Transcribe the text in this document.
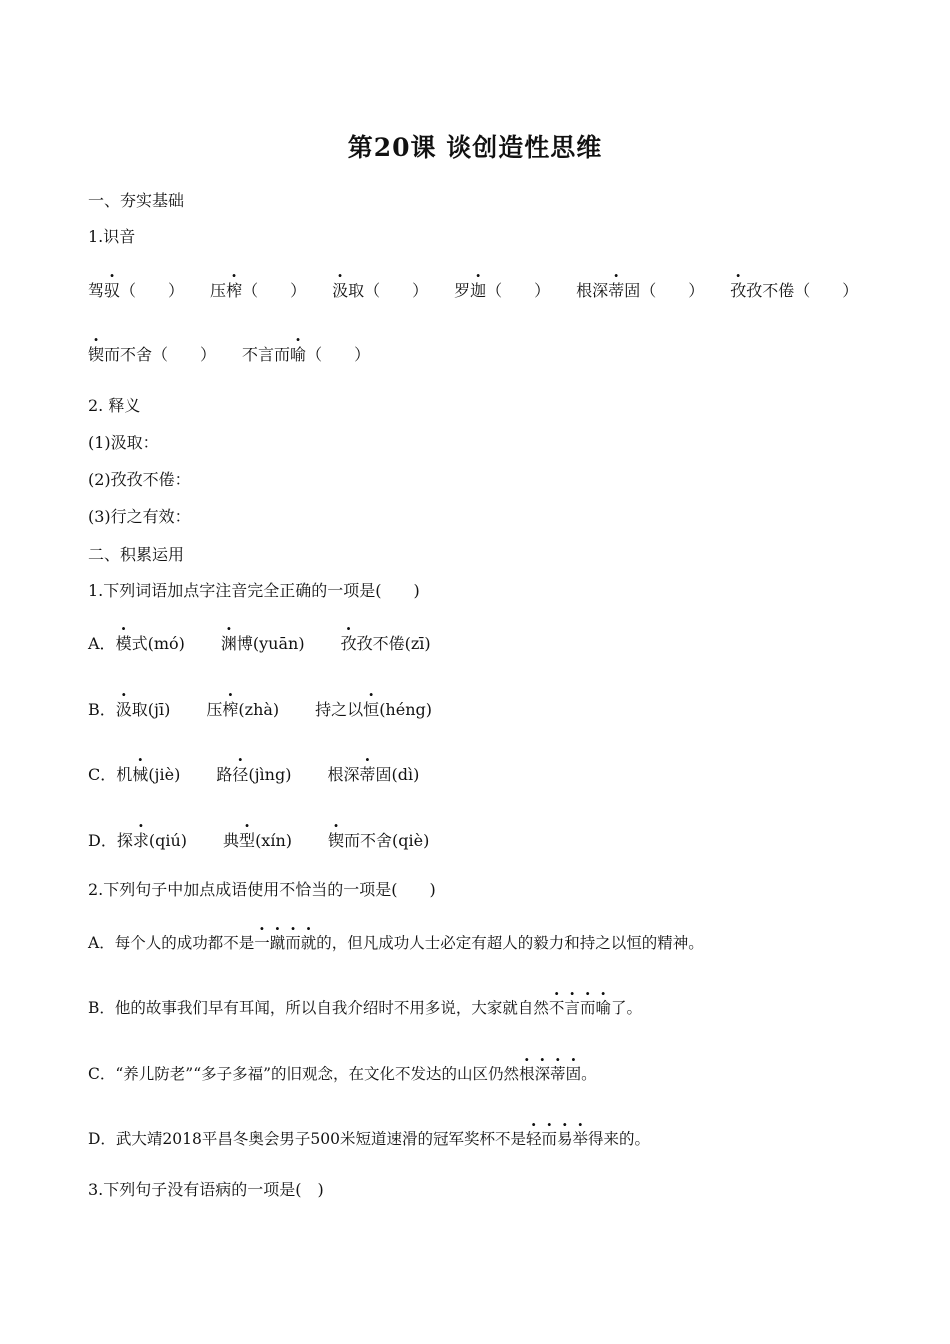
第20课 谈创造性思维
一、夯实基础
1.识音
驾驭（　　） 压榨（　　） 汲取（　　） 罗迦（　　） 根深蒂固（　　） 孜孜不倦（　　）
锲而不舍（　　） 不言而喻（　　）
2. 释义
(1)汲取：
(2)孜孜不倦：
(3)行之有效：
二、积累运用
1.下列词语加点字注音完全正确的一项是(　　)
A．模式(mó) 渊博(yuān) 孜孜不倦(zī)
B．汲取(jī) 压榨(zhà) 持之以恒(héng)
C．机械(jiè) 路径(jìng) 根深蒂固(dì)
D．探求(qiú) 典型(xín) 锲而不舍(qiè)
2.下列句子中加点成语使用不恰当的一项是(　　)
A．每个人的成功都不是一蹴而就的，但凡成功人士必定有超人的毅力和持之以恒的精神。
B．他的故事我们早有耳闻，所以自我介绍时不用多说，大家就自然不言而喻了。
C．“养儿防老”“多子多福”的旧观念，在文化不发达的山区仍然根深蒂固。
D．武大靖2018平昌冬奥会男子500米短道速滑的冠军奖杯不是轻而易举得来的。
3.下列句子没有语病的一项是(　)
